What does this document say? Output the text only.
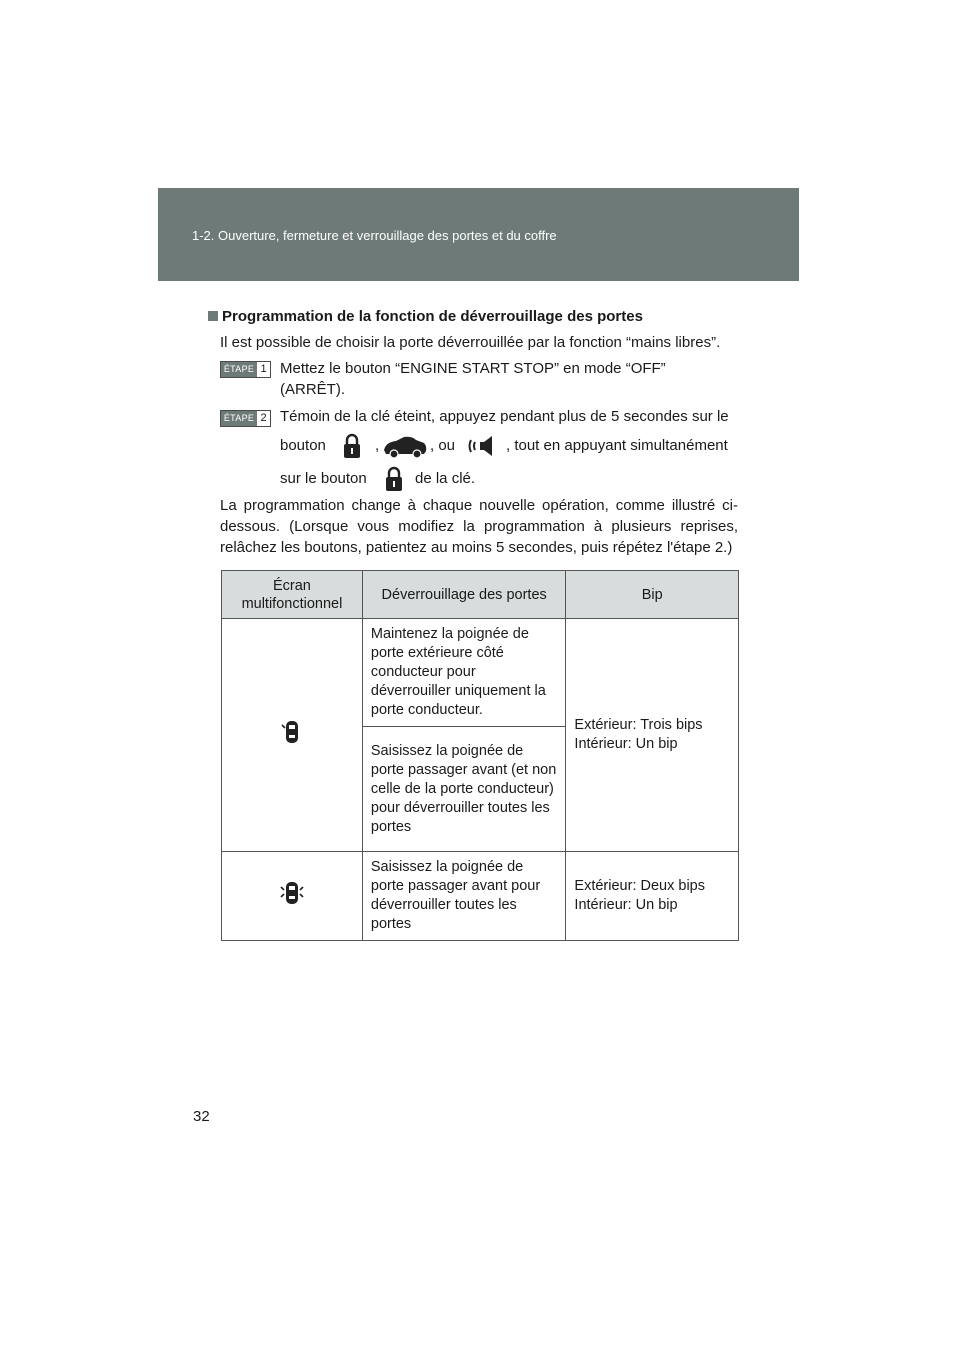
1-2. Ouverture, fermeture et verrouillage des portes et du coffre
Programmation de la fonction de déverrouillage des portes
Il est possible de choisir la porte déverrouillée par la fonction “mains libres”.
ÉTAPE 1 Mettez le bouton “ENGINE START STOP” en mode “OFF”
(ARRÊT).
ÉTAPE 2 Témoin de la clé éteint, appuyez pendant plus de 5 secondes sur le
bouton	,	, ou	, tout en appuyant simultanément
sur le bouton	de la clé.
La programmation change à chaque nouvelle opération, comme illustré ci-dessous. (Lorsque vous modifiez la programmation à plusieurs reprises, relâchez les boutons, patientez au moins 5 secondes, puis répétez l'étape 2.)
Écran multifonctionnel	Déverrouillage des portes	Bip
	Maintenez la poignée de porte extérieure côté conducteur pour déverrouiller uniquement la porte conducteur.	Extérieur: Trois bips
Intérieur: Un bip

	Saisissez la poignée de porte passager avant (et non celle de la porte conducteur) pour déverrouiller toutes les portes	
	Saisissez la poignée de porte passager avant pour déverrouiller toutes les portes	Extérieur: Deux bips
Intérieur: Un bip
32
